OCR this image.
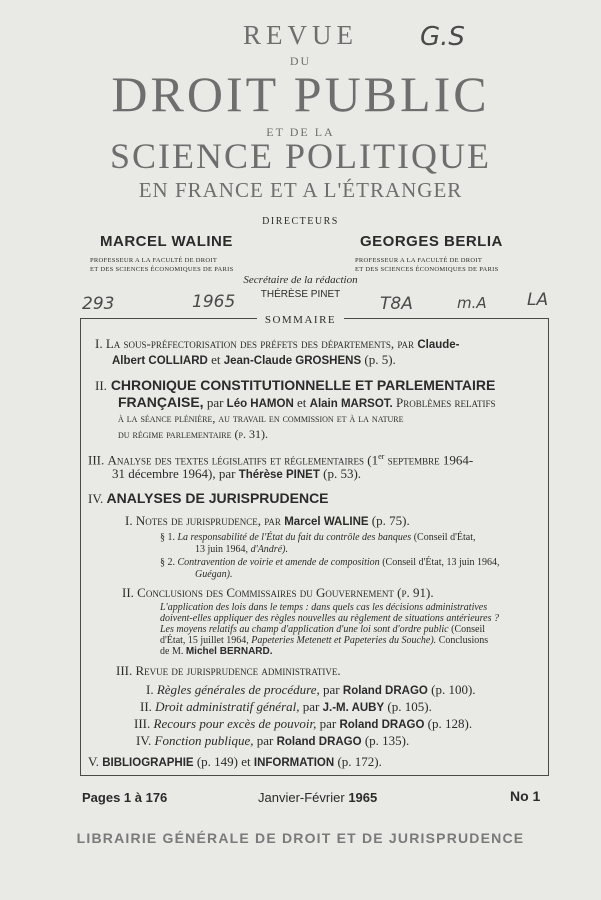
REVUE
DU
DROIT PUBLIC
ET DE LA
SCIENCE POLITIQUE
EN FRANCE ET A L'ÉTRANGER
G.S
293	1965	T8A	m.A LA
DIRECTEURS
MARCEL WALINE
PROFESSEUR A LA FACULTÉ DE DROIT
ET DES SCIENCES ÉCONOMIQUES DE PARIS
GEORGES BERLIA
PROFESSEUR A LA FACULTÉ DE DROIT
ET DES SCIENCES ÉCONOMIQUES DE PARIS
Secrétaire de la rédaction
THÉRÈSE PINET
SOMMAIRE
I. La sous-préfectorisation des préfets des départements, par Claude-
Albert COLLIARD et Jean-Claude GROSHENS (p. 5).
II. CHRONIQUE CONSTITUTIONNELLE ET PARLEMENTAIRE
FRANÇAISE, par Léo HAMON et Alain MARSOT. Problèmes relatifs
à la séance plénière, au travail en commission et à la nature
du régime parlementaire (p. 31).
III. Analyse des textes législatifs et réglementaires (1er septembre 1964-
31 décembre 1964), par Thérèse PINET (p. 53).
IV. ANALYSES DE JURISPRUDENCE
I. Notes de jurisprudence, par Marcel WALINE (p. 75).
§ 1. La responsabilité de l'État du fait du contrôle des banques (Conseil d'État,
13 juin 1964, d'André).
§ 2. Contravention de voirie et amende de composition (Conseil d'État, 13 juin 1964,
Guégan).
II. Conclusions des Commissaires du Gouvernement (p. 91).
L'application des lois dans le temps : dans quels cas les décisions administratives
doivent-elles appliquer des règles nouvelles au règlement de situations antérieures ?
Les moyens relatifs au champ d'application d'une loi sont d'ordre public (Conseil
d'État, 15 juillet 1964, Papeteries Metenett et Papeteries du Souche). Conclusions
de M. Michel BERNARD.
III. Revue de jurisprudence administrative.
I. Règles générales de procédure, par Roland DRAGO (p. 100).
II. Droit administratif général, par J.-M. AUBY (p. 105).
III. Recours pour excès de pouvoir, par Roland DRAGO (p. 128).
IV. Fonction publique, par Roland DRAGO (p. 135).
V. BIBLIOGRAPHIE (p. 149) et INFORMATION (p. 172).
Pages 1 à 176	Janvier-Février 1965	No 1
LIBRAIRIE GÉNÉRALE DE DROIT ET DE JURISPRUDENCE
